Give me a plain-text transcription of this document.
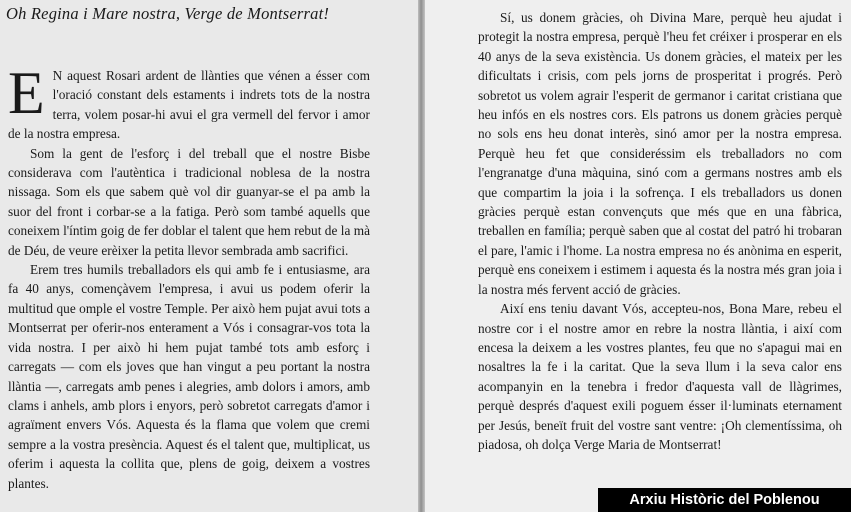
Oh Regina i Mare nostra, Verge de Montserrat!

E N aquest Rosari ardent de llànties que vénen a ésser com l'oració constant dels estaments i indrets tots de la nostra terra, volem posar-hi avui el gra vermell del fervor i amor de la nostra empresa.

Som la gent de l'esforç i del treball que el nostre Bisbe considerava com l'autèntica i tradicional noblesa de la nostra nissaga. Som els que sabem què vol dir guanyar-se el pa amb la suor del front i corbar-se a la fatiga. Però som també aquells que coneixem l'íntim goig de fer doblar el talent que hem rebut de la mà de Déu, de veure erèixer la petita llevor sembrada amb sacrifici.

Erem tres humils treballadors els qui amb fe i entusiasme, ara fa 40 anys, començàvem l'empresa, i avui us podem oferir la multitud que omple el vostre Temple. Per això hem pujat avui tots a Montserrat per oferir-nos enterament a Vós i consagrar-vos tota la vida nostra. I per això hi hem pujat també tots amb esforç i carregats — com els joves que han vingut a peu portant la nostra llàntia —, carregats amb penes i alegries, amb dolors i amors, amb clams i anhels, amb plors i enyors, però sobretot carregats d'amor i agraïment envers Vós. Aquesta és la flama que volem que cremi sempre a la vostra presència. Aquest és el talent que, multiplicat, us oferim i aquesta la collita que, plens de goig, deixem a vostres plantes.

Sí, us donem gràcies, oh Divina Mare, perquè heu ajudat i protegit la nostra empresa, perquè l'heu fet créixer i prosperar en els 40 anys de la seva existència. Us donem gràcies, el mateix per les dificultats i crisis, com pels jorns de prosperitat i progrés. Però sobretot us volem agrair l'esperit de germanor i caritat cristiana que heu infós en els nostres cors. Els patrons us donem gràcies perquè no sols ens heu donat interès, sinó amor per la nostra empresa. Perquè heu fet que consideréssim els treballadors no com l'engranatge d'una màquina, sinó com a germans nostres amb els que compartim la joia i la sofrença. I els treballadors us donen gràcies perquè estan convençuts que més que en una fàbrica, treballen en família; perquè saben que al costat del patró hi trobaran el pare, l'amic i l'home. La nostra empresa no és anònima en esperit, perquè ens coneixem i estimem i aquesta és la nostra més gran joia i la nostra més fervent acció de gràcies.

Així ens teniu davant Vós, accepteu-nos, Bona Mare, rebeu el nostre cor i el nostre amor en rebre la nostra llàntia, i així com encesa la deixem a les vostres plantes, feu que no s'apagui mai en nosaltres la fe i la caritat. Que la seva llum i la seva calor ens acompanyin en la tenebra i fredor d'aquesta vall de llàgrimes, perquè després d'aquest exili poguem ésser il·luminats eternament per Jesús, beneït fruit del vostre sant ventre: ¡Oh clementíssima, oh piadosa, oh dolça Verge Maria de Montserrat!

Arxiu Històric del Poblenou
